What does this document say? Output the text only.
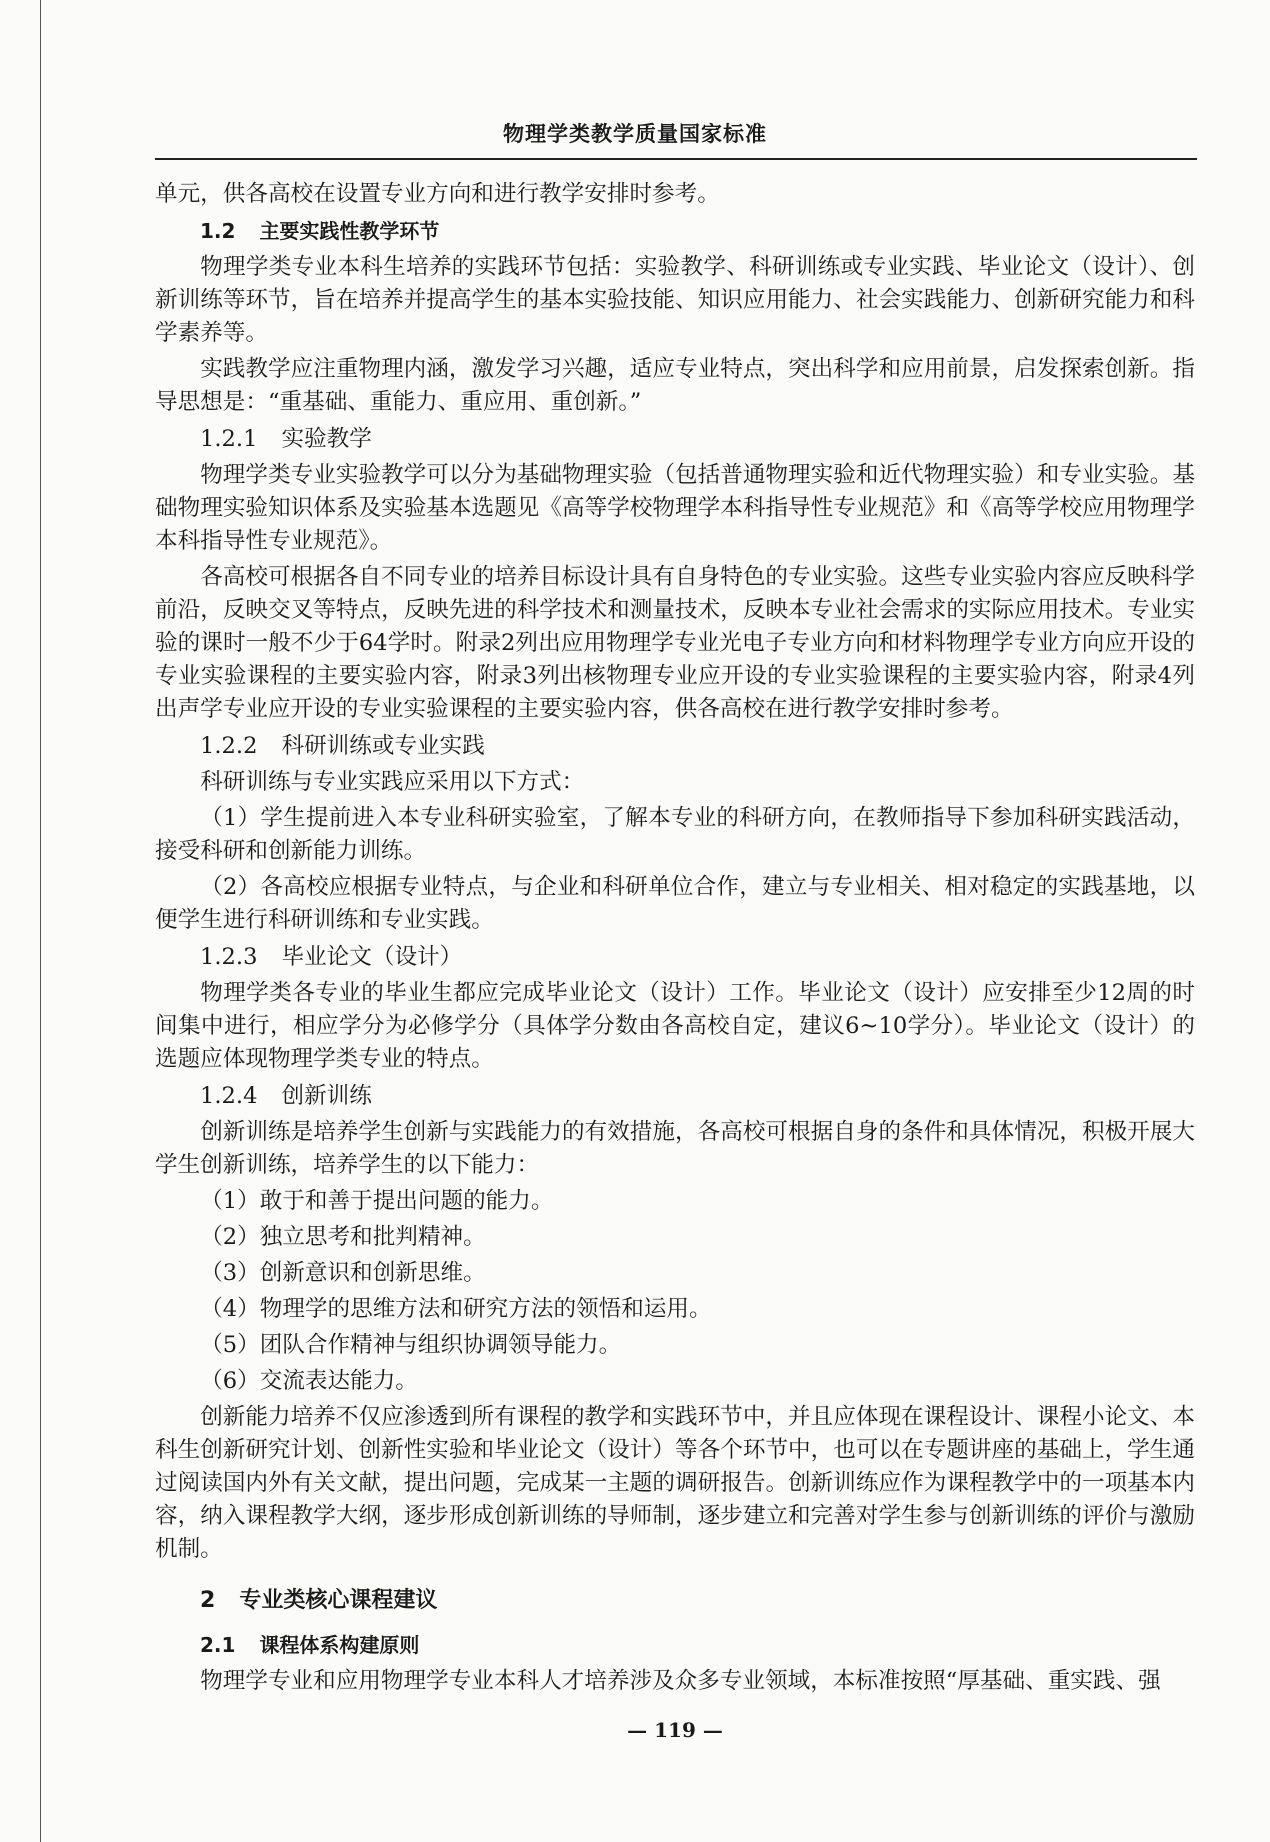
物理学类教学质量国家标准
单元，供各高校在设置专业方向和进行教学安排时参考。
1.2 主要实践性教学环节
物理学类专业本科生培养的实践环节包括：实验教学、科研训练或专业实践、毕业论文（设计）、创新训练等环节，旨在培养并提高学生的基本实验技能、知识应用能力、社会实践能力、创新研究能力和科学素养等。
实践教学应注重物理内涵，激发学习兴趣，适应专业特点，突出科学和应用前景，启发探索创新。指导思想是：“重基础、重能力、重应用、重创新。”
1.2.1 实验教学
物理学类专业实验教学可以分为基础物理实验（包括普通物理实验和近代物理实验）和专业实验。基础物理实验知识体系及实验基本选题见《高等学校物理学本科指导性专业规范》和《高等学校应用物理学本科指导性专业规范》。
各高校可根据各自不同专业的培养目标设计具有自身特色的专业实验。这些专业实验内容应反映科学前沿，反映交叉等特点，反映先进的科学技术和测量技术，反映本专业社会需求的实际应用技术。专业实验的课时一般不少于64学时。附录2列出应用物理学专业光电子专业方向和材料物理学专业方向应开设的专业实验课程的主要实验内容，附录3列出核物理专业应开设的专业实验课程的主要实验内容，附录4列出声学专业应开设的专业实验课程的主要实验内容，供各高校在进行教学安排时参考。
1.2.2 科研训练或专业实践
科研训练与专业实践应采用以下方式：
（1）学生提前进入本专业科研实验室，了解本专业的科研方向，在教师指导下参加科研实践活动，接受科研和创新能力训练。
（2）各高校应根据专业特点，与企业和科研单位合作，建立与专业相关、相对稳定的实践基地，以便学生进行科研训练和专业实践。
1.2.3 毕业论文（设计）
物理学类各专业的毕业生都应完成毕业论文（设计）工作。毕业论文（设计）应安排至少12周的时间集中进行，相应学分为必修学分（具体学分数由各高校自定，建议6~10学分）。毕业论文（设计）的选题应体现物理学类专业的特点。
1.2.4 创新训练
创新训练是培养学生创新与实践能力的有效措施，各高校可根据自身的条件和具体情况，积极开展大学生创新训练，培养学生的以下能力：
（1）敢于和善于提出问题的能力。
（2）独立思考和批判精神。
（3）创新意识和创新思维。
（4）物理学的思维方法和研究方法的领悟和运用。
（5）团队合作精神与组织协调领导能力。
（6）交流表达能力。
创新能力培养不仅应渗透到所有课程的教学和实践环节中，并且应体现在课程设计、课程小论文、本科生创新研究计划、创新性实验和毕业论文（设计）等各个环节中，也可以在专题讲座的基础上，学生通过阅读国内外有关文献，提出问题，完成某一主题的调研报告。创新训练应作为课程教学中的一项基本内容，纳入课程教学大纲，逐步形成创新训练的导师制，逐步建立和完善对学生参与创新训练的评价与激励机制。
2 专业类核心课程建议
2.1 课程体系构建原则
物理学专业和应用物理学专业本科人才培养涉及众多专业领域，本标准按照“厚基础、重实践、强
— 119 —
